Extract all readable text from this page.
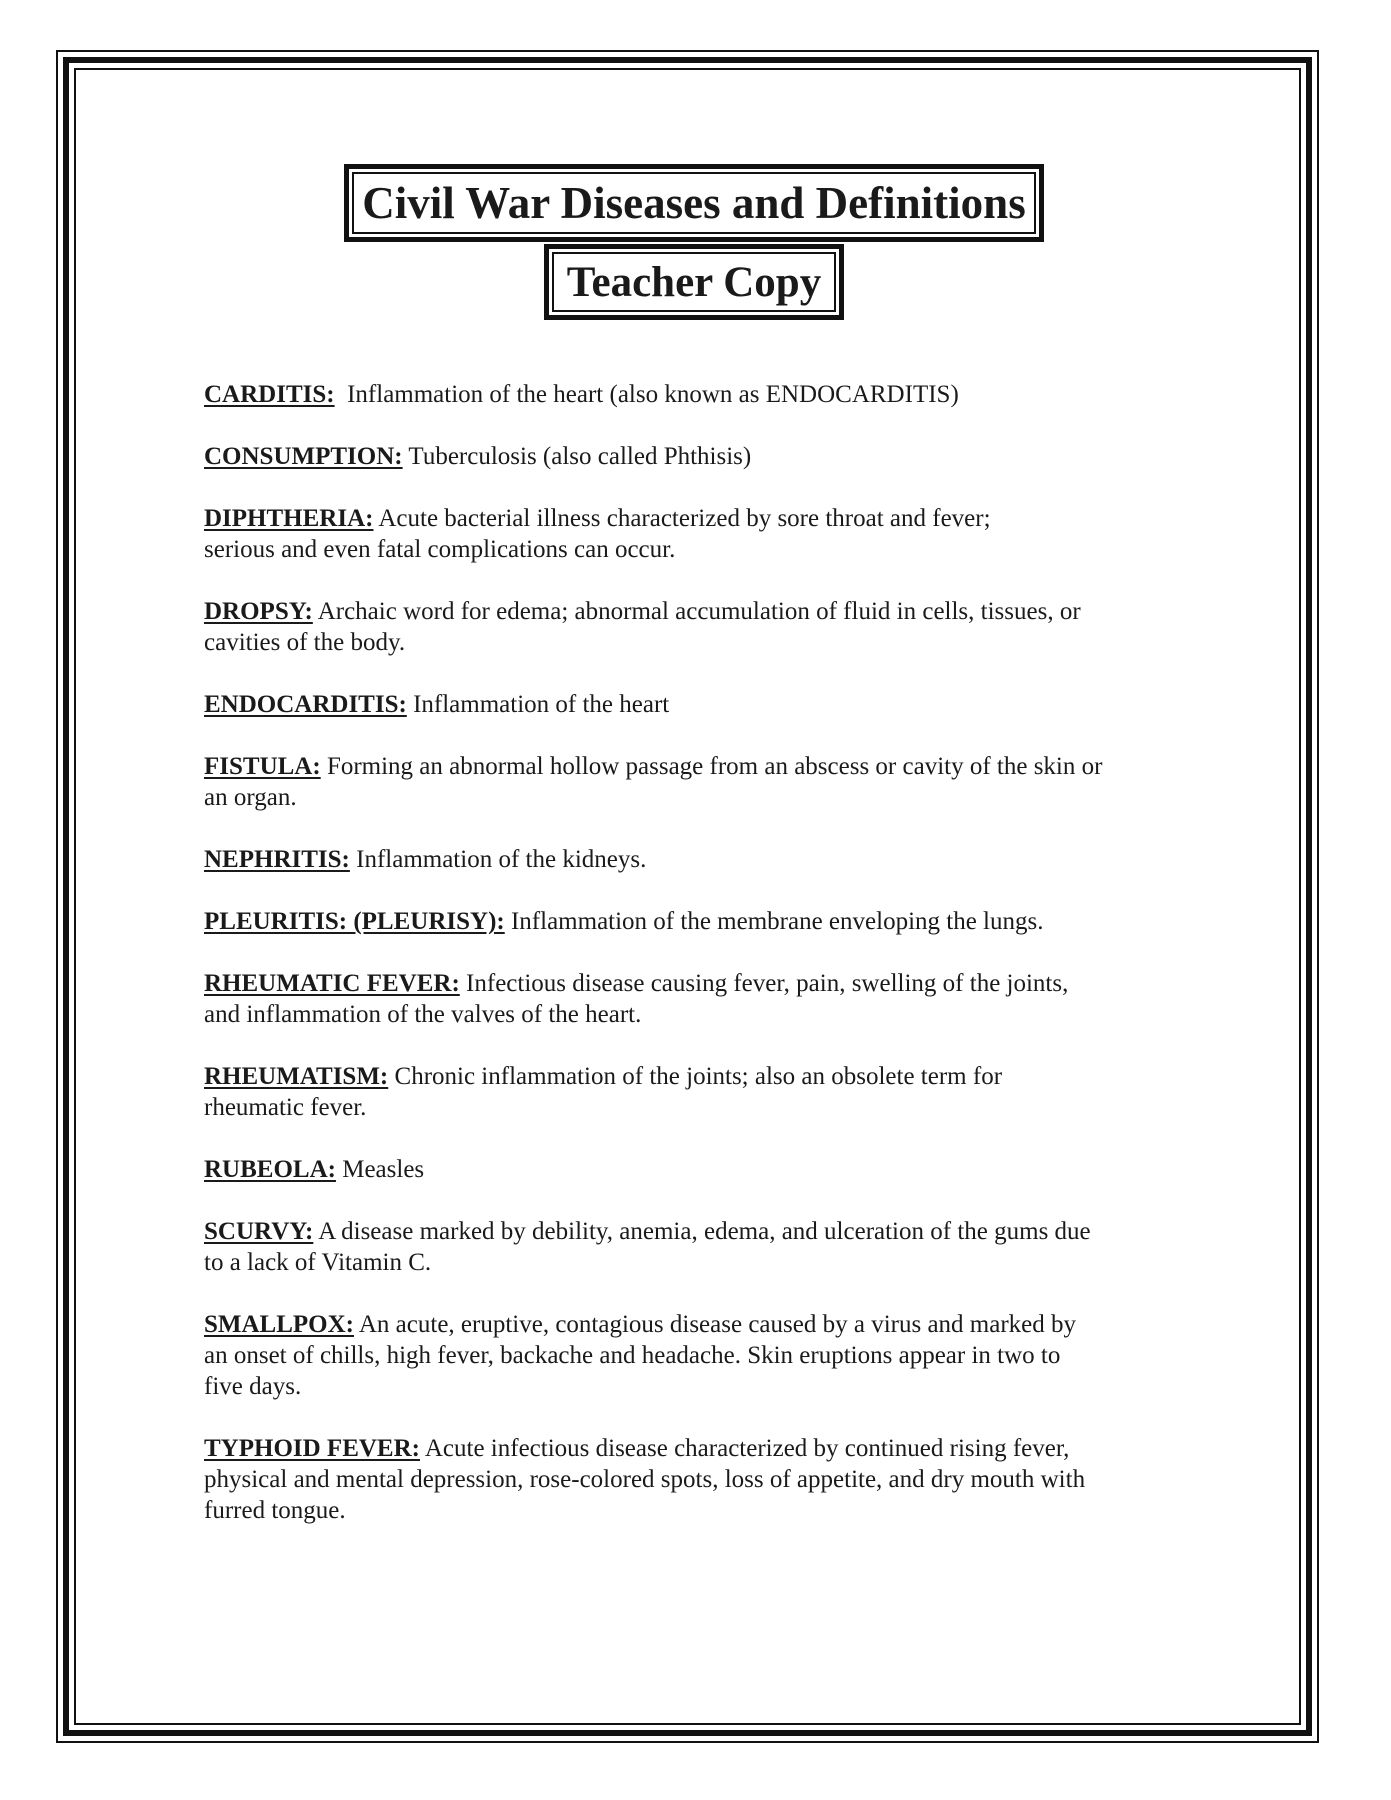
Civil War Diseases and Definitions
Teacher Copy
CARDITIS: Inflammation of the heart (also known as ENDOCARDITIS)
CONSUMPTION: Tuberculosis (also called Phthisis)
DIPHTHERIA: Acute bacterial illness characterized by sore throat and fever;
serious and even fatal complications can occur.
DROPSY: Archaic word for edema; abnormal accumulation of fluid in cells, tissues, or
cavities of the body.
ENDOCARDITIS: Inflammation of the heart
FISTULA: Forming an abnormal hollow passage from an abscess or cavity of the skin or
an organ.
NEPHRITIS: Inflammation of the kidneys.
PLEURITIS: (PLEURISY): Inflammation of the membrane enveloping the lungs.
RHEUMATIC FEVER: Infectious disease causing fever, pain, swelling of the joints,
and inflammation of the valves of the heart.
RHEUMATISM: Chronic inflammation of the joints; also an obsolete term for
rheumatic fever.
RUBEOLA: Measles
SCURVY: A disease marked by debility, anemia, edema, and ulceration of the gums due
to a lack of Vitamin C.
SMALLPOX: An acute, eruptive, contagious disease caused by a virus and marked by
an onset of chills, high fever, backache and headache. Skin eruptions appear in two to
five days.
TYPHOID FEVER: Acute infectious disease characterized by continued rising fever,
physical and mental depression, rose-colored spots, loss of appetite, and dry mouth with
furred tongue.
